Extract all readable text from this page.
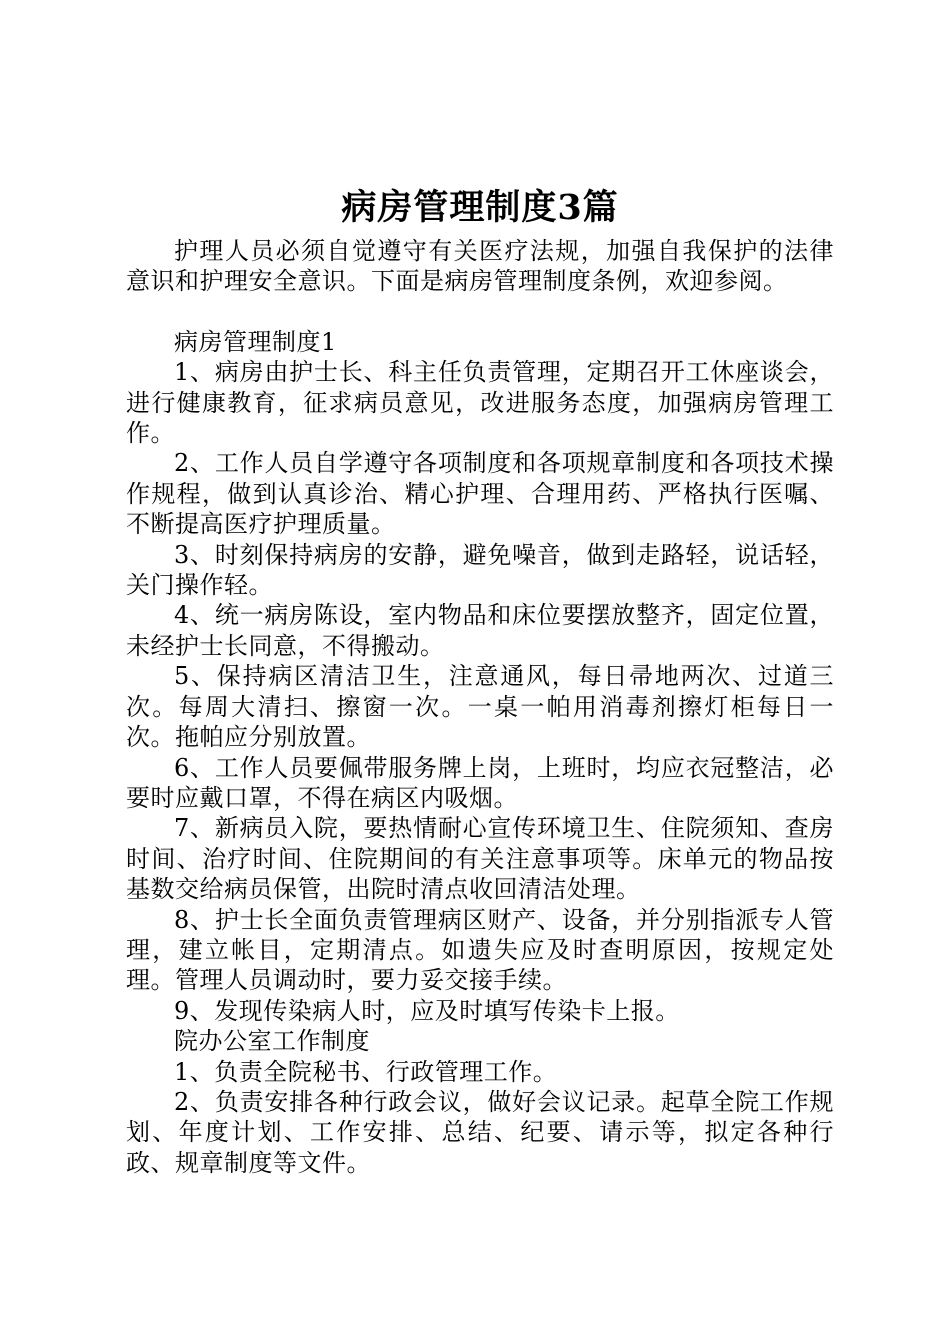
病房管理制度3篇

护理人员必须自觉遵守有关医疗法规，加强自我保护的法律意识和护理安全意识。下面是病房管理制度条例，欢迎参阅。

病房管理制度1

1、病房由护士长、科主任负责管理，定期召开工休座谈会，进行健康教育，征求病员意见，改进服务态度，加强病房管理工作。

2、工作人员自学遵守各项制度和各项规章制度和各项技术操作规程，做到认真诊治、精心护理、合理用药、严格执行医嘱、不断提高医疗护理质量。

3、时刻保持病房的安静，避免噪音，做到走路轻，说话轻，关门操作轻。

4、统一病房陈设，室内物品和床位要摆放整齐，固定位置，未经护士长同意，不得搬动。

5、保持病区清洁卫生，注意通风，每日帚地两次、过道三次。每周大清扫、擦窗一次。一桌一帕用消毒剂擦灯柜每日一次。拖帕应分别放置。

6、工作人员要佩带服务牌上岗，上班时，均应衣冠整洁，必要时应戴口罩，不得在病区内吸烟。

7、新病员入院，要热情耐心宣传环境卫生、住院须知、查房时间、治疗时间、住院期间的有关注意事项等。床单元的物品按基数交给病员保管，出院时清点收回清洁处理。

8、护士长全面负责管理病区财产、设备，并分别指派专人管理，建立帐目，定期清点。如遗失应及时查明原因，按规定处理。管理人员调动时，要力妥交接手续。

9、发现传染病人时，应及时填写传染卡上报。

院办公室工作制度

1、负责全院秘书、行政管理工作。

2、负责安排各种行政会议，做好会议记录。起草全院工作规划、年度计划、工作安排、总结、纪要、请示等，拟定各种行政、规章制度等文件。
